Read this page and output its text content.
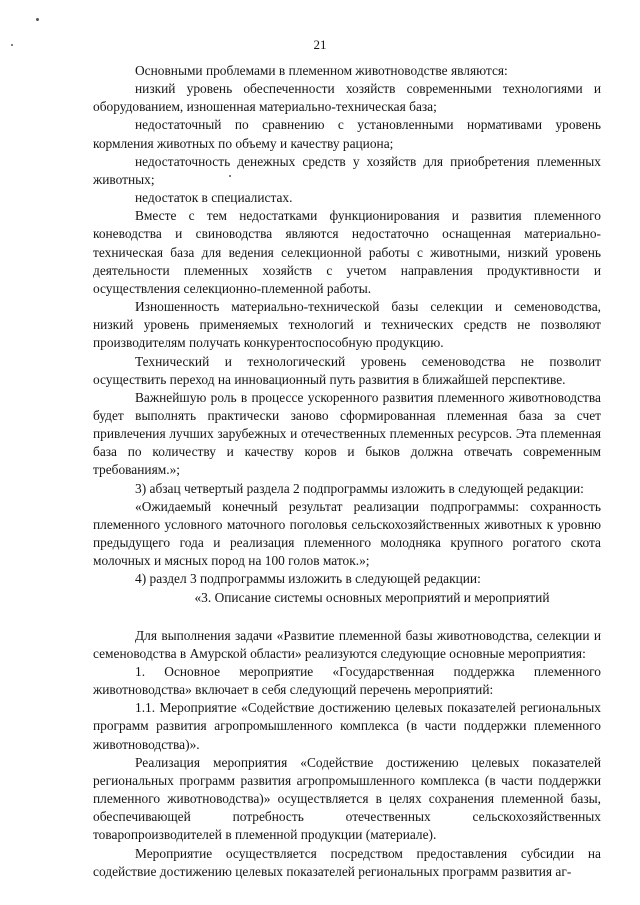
21

Основными проблемами в племенном животноводстве являются:

низкий уровень обеспеченности хозяйств современными технологиями и оборудованием, изношенная материально-техническая база;

недостаточный по сравнению с установленными нормативами уровень кормления животных по объему и качеству рациона;

недостаточность денежных средств у хозяйств для приобретения племенных животных;

недостаток в специалистах.

Вместе с тем недостатками функционирования и развития племенного коневодства и свиноводства являются недостаточно оснащенная материально-техническая база для ведения селекционной работы с животными, низкий уровень деятельности племенных хозяйств с учетом направления продуктивности и осуществления селекционно-племенной работы.

Изношенность материально-технической базы селекции и семеноводства, низкий уровень применяемых технологий и технических средств не позволяют производителям получать конкурентоспособную продукцию.

Технический и технологический уровень семеноводства не позволит осуществить переход на инновационный путь развития в ближайшей перспективе.

Важнейшую роль в процессе ускоренного развития племенного животноводства будет выполнять практически заново сформированная племенная база за счет привлечения лучших зарубежных и отечественных племенных ресурсов. Эта племенная база по количеству и качеству коров и быков должна отвечать современным требованиям.»;

3) абзац четвертый раздела 2 подпрограммы изложить в следующей редакции:

«Ожидаемый конечный результат реализации подпрограммы: сохранность племенного условного маточного поголовья сельскохозяйственных животных к уровню предыдущего года и реализация племенного молодняка крупного рогатого скота молочных и мясных пород на 100 голов маток.»;

4) раздел 3 подпрограммы изложить в следующей редакции:

«3. Описание системы основных мероприятий и мероприятий

Для выполнения задачи «Развитие племенной базы животноводства, селекции и семеноводства в Амурской области» реализуются следующие основные мероприятия:

1. Основное мероприятие «Государственная поддержка племенного животноводства» включает в себя следующий перечень мероприятий:

1.1. Мероприятие «Содействие достижению целевых показателей региональных программ развития агропромышленного комплекса (в части поддержки племенного животноводства)».

Реализация мероприятия «Содействие достижению целевых показателей региональных программ развития агропромышленного комплекса (в части поддержки племенного животноводства)» осуществляется в целях сохранения племенной базы, обеспечивающей потребность отечественных сельскохозяйственных товаропроизводителей в племенной продукции (материале).

Мероприятие осуществляется посредством предоставления субсидии на содействие достижению целевых показателей региональных программ развития аг-
